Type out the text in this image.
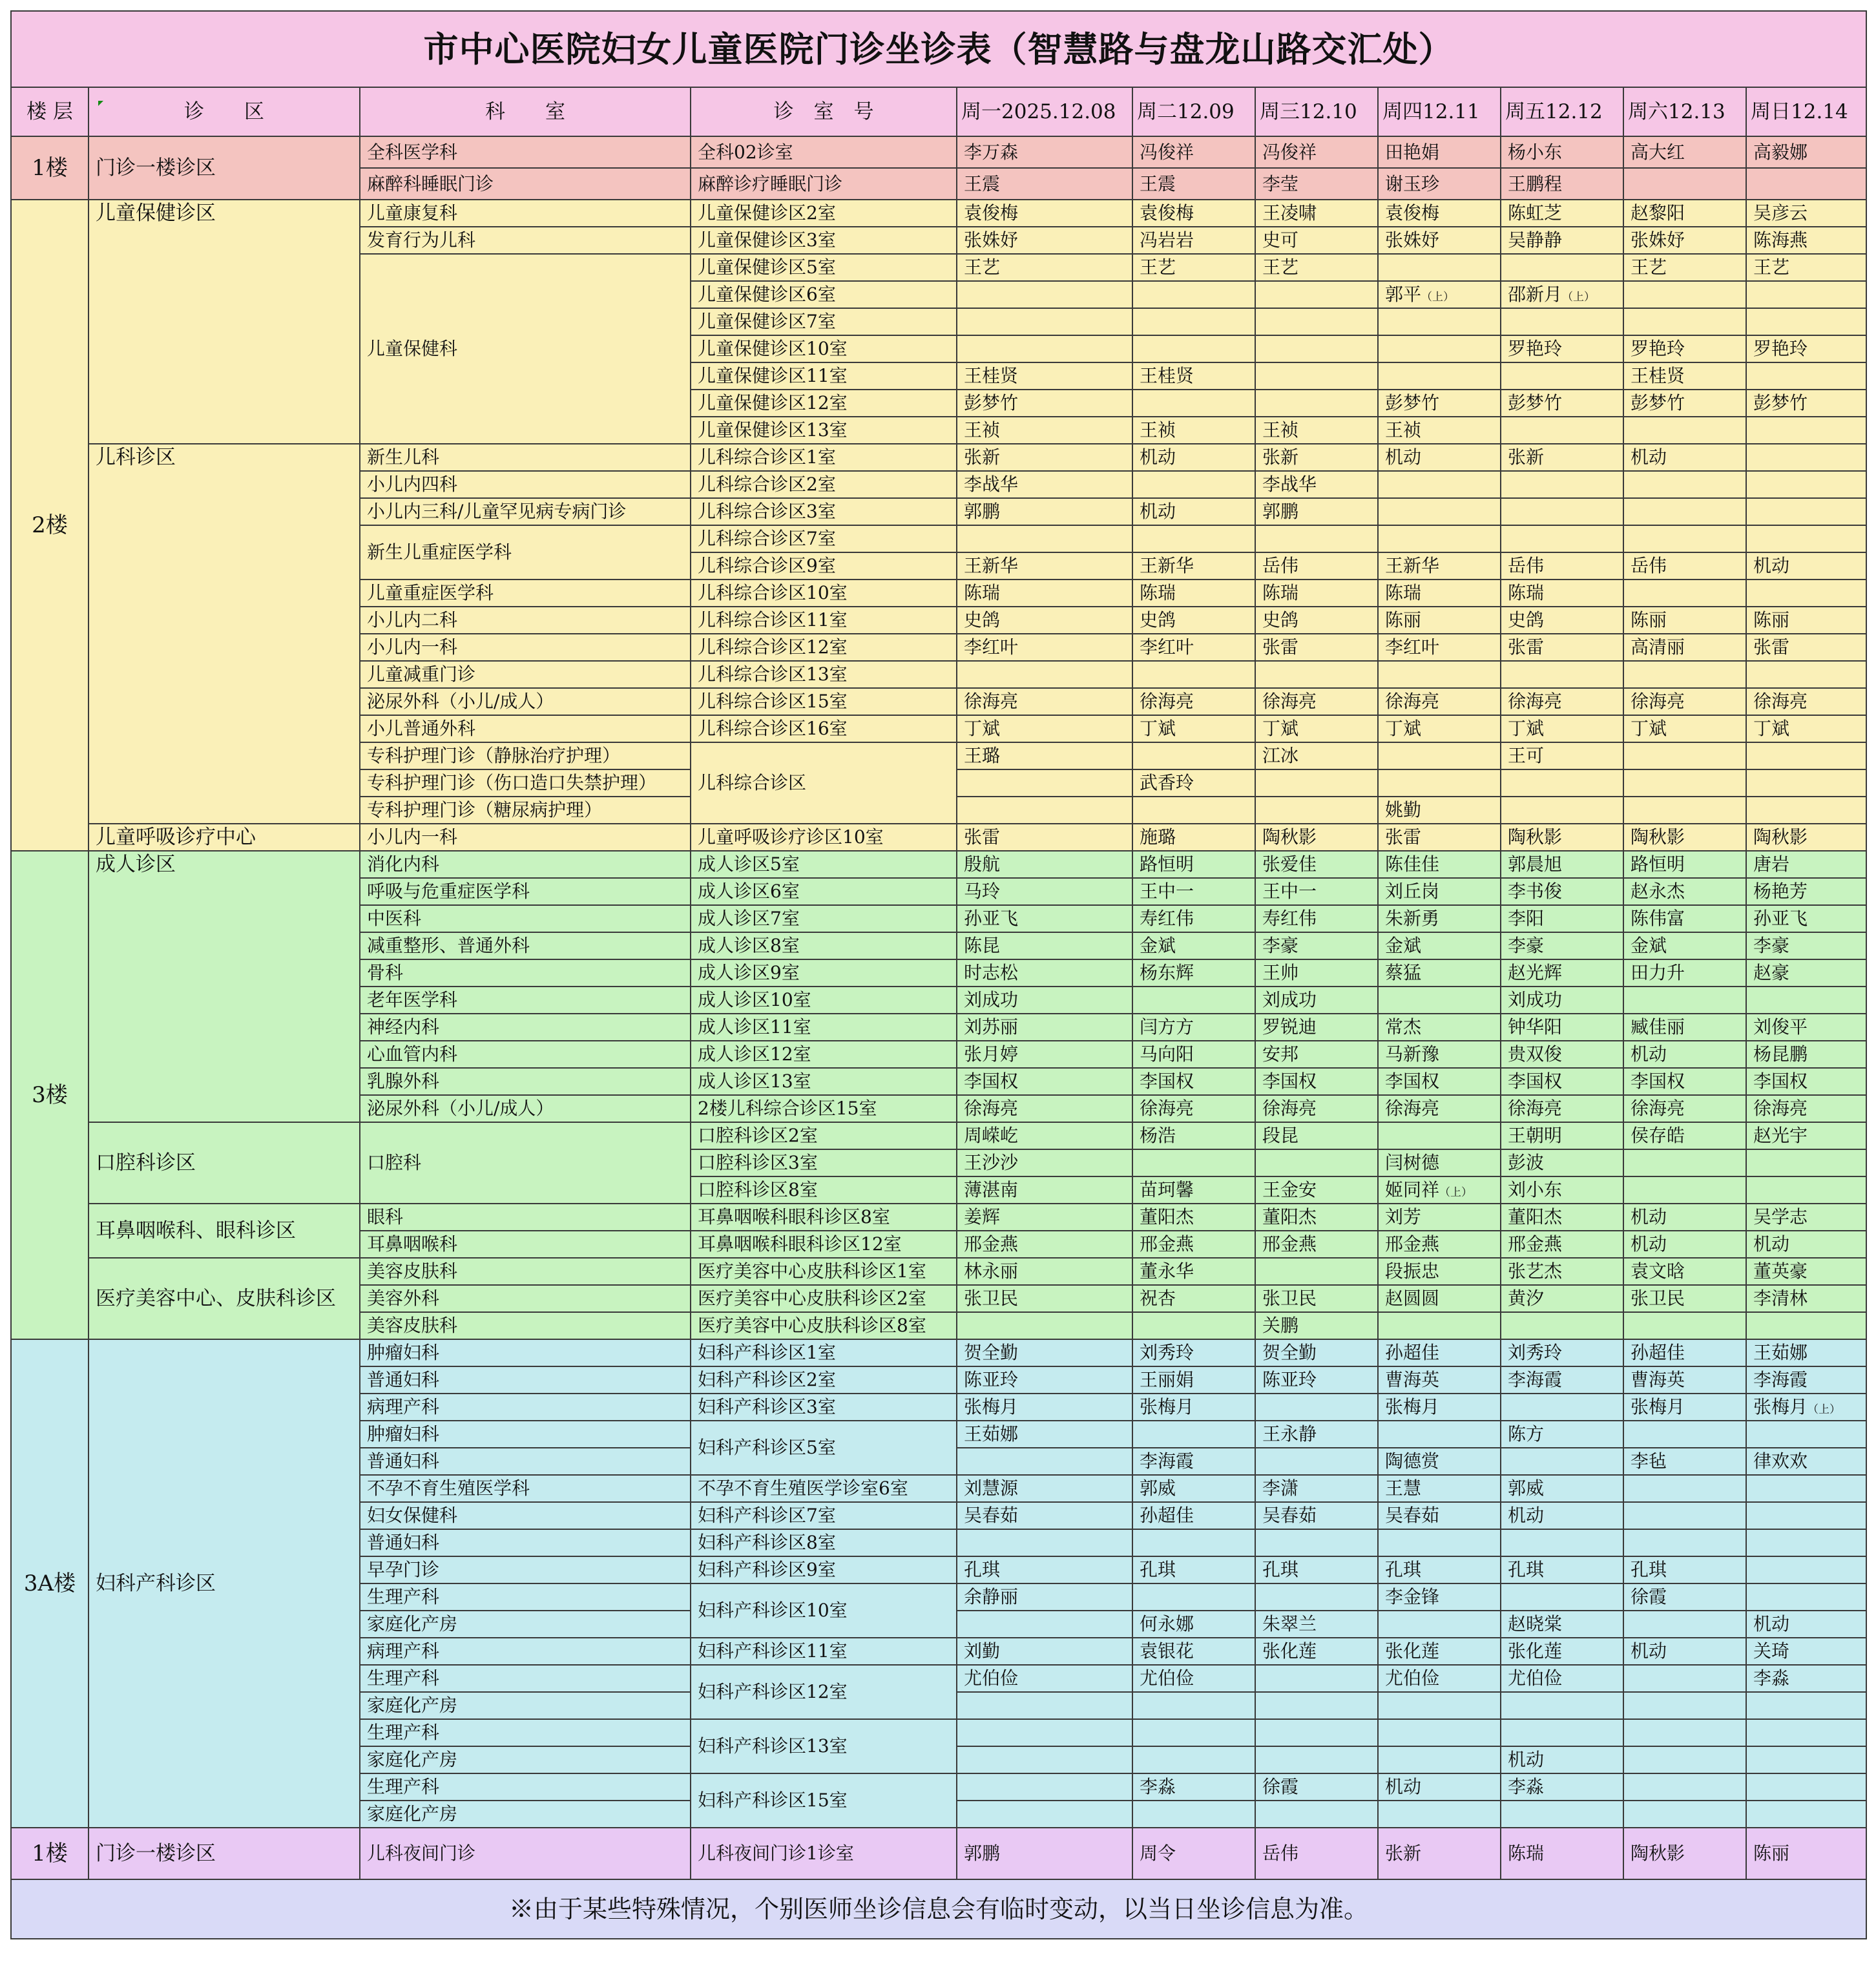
市中心医院妇女儿童医院门诊坐诊表（智慧路与盘龙山路交汇处）										
楼 层	诊　　区	科　　室	诊　室　号	周一2025.12.08	周二12.09	周三12.10	周四12.11	周五12.12	周六12.13	周日12.14
1楼	门诊一楼诊区	全科医学科	全科02诊室	李万森	冯俊祥	冯俊祥	田艳娟	杨小东	高大红	高毅娜
		麻醉科睡眠门诊	麻醉诊疗睡眠门诊	王震	王震	李莹	谢玉珍	王鹏程		
2楼	儿童保健诊区	儿童康复科	儿童保健诊区2室	袁俊梅	袁俊梅	王凌啸	袁俊梅	陈虹芝	赵黎阳	吴彦云
		发育行为儿科	儿童保健诊区3室	张姝妤	冯岩岩	史可	张姝妤	吴静静	张姝妤	陈海燕
		儿童保健科	儿童保健诊区5室	王艺	王艺	王艺			王艺	王艺
			儿童保健诊区6室				郭平（上）	邵新月（上）		
			儿童保健诊区7室							
			儿童保健诊区10室					罗艳玲	罗艳玲	罗艳玲
			儿童保健诊区11室	王桂贤	王桂贤				王桂贤	
			儿童保健诊区12室	彭梦竹			彭梦竹	彭梦竹	彭梦竹	彭梦竹
			儿童保健诊区13室	王祯	王祯	王祯	王祯			
	儿科诊区	新生儿科	儿科综合诊区1室	张新	机动	张新	机动	张新	机动	
		小儿内四科	儿科综合诊区2室	李战华		李战华				
		小儿内三科/儿童罕见病专病门诊	儿科综合诊区3室	郭鹏	机动	郭鹏				
		新生儿重症医学科	儿科综合诊区7室							
			儿科综合诊区9室	王新华	王新华	岳伟	王新华	岳伟	岳伟	机动
		儿童重症医学科	儿科综合诊区10室	陈瑞	陈瑞	陈瑞	陈瑞	陈瑞		
		小儿内二科	儿科综合诊区11室	史鸽	史鸽	史鸽	陈丽	史鸽	陈丽	陈丽
		小儿内一科	儿科综合诊区12室	李红叶	李红叶	张雷	李红叶	张雷	高清丽	张雷
		儿童减重门诊	儿科综合诊区13室							
		泌尿外科（小儿/成人）	儿科综合诊区15室	徐海亮	徐海亮	徐海亮	徐海亮	徐海亮	徐海亮	徐海亮
		小儿普通外科	儿科综合诊区16室	丁斌	丁斌	丁斌	丁斌	丁斌	丁斌	丁斌
		专科护理门诊（静脉治疗护理）	儿科综合诊区	王璐		江冰		王可		
		专科护理门诊（伤口造口失禁护理）			武香玲					
		专科护理门诊（糖尿病护理）					姚勤			
	儿童呼吸诊疗中心	小儿内一科	儿童呼吸诊疗诊区10室	张雷	施璐	陶秋影	张雷	陶秋影	陶秋影	陶秋影
3楼	成人诊区	消化内科	成人诊区5室	殷航	路恒明	张爱佳	陈佳佳	郭晨旭	路恒明	唐岩
		呼吸与危重症医学科	成人诊区6室	马玲	王中一	王中一	刘丘岗	李书俊	赵永杰	杨艳芳
		中医科	成人诊区7室	孙亚飞	寿红伟	寿红伟	朱新勇	李阳	陈伟富	孙亚飞
		减重整形、普通外科	成人诊区8室	陈昆	金斌	李豪	金斌	李豪	金斌	李豪
		骨科	成人诊区9室	时志松	杨东辉	王帅	蔡猛	赵光辉	田力升	赵豪
		老年医学科	成人诊区10室	刘成功		刘成功		刘成功		
		神经内科	成人诊区11室	刘苏丽	闫方方	罗锐迪	常杰	钟华阳	臧佳丽	刘俊平
		心血管内科	成人诊区12室	张月婷	马向阳	安邦	马新豫	贵双俊	机动	杨昆鹏
		乳腺外科	成人诊区13室	李国权	李国权	李国权	李国权	李国权	李国权	李国权
		泌尿外科（小儿/成人）	2楼儿科综合诊区15室	徐海亮	徐海亮	徐海亮	徐海亮	徐海亮	徐海亮	徐海亮
	口腔科诊区	口腔科	口腔科诊区2室	周嵘屹	杨浩	段昆		王朝明	侯存皓	赵光宇
			口腔科诊区3室	王沙沙			闫树德	彭波		
			口腔科诊区8室	薄湛南	苗珂馨	王金安	姬同祥（上）	刘小东		
	耳鼻咽喉科、眼科诊区	眼科	耳鼻咽喉科眼科诊区8室	姜辉	董阳杰	董阳杰	刘芳	董阳杰	机动	吴学志
		耳鼻咽喉科	耳鼻咽喉科眼科诊区12室	邢金燕	邢金燕	邢金燕	邢金燕	邢金燕	机动	机动
	医疗美容中心、皮肤科诊区	美容皮肤科	医疗美容中心皮肤科诊区1室	林永丽	董永华		段振忠	张艺杰	袁文晗	董英豪
		美容外科	医疗美容中心皮肤科诊区2室	张卫民	祝杏	张卫民	赵圆圆	黄汐	张卫民	李清林
		美容皮肤科	医疗美容中心皮肤科诊区8室			关鹏				
3A楼	妇科产科诊区	肿瘤妇科	妇科产科诊区1室	贺全勤	刘秀玲	贺全勤	孙超佳	刘秀玲	孙超佳	王茹娜
		普通妇科	妇科产科诊区2室	陈亚玲	王丽娟	陈亚玲	曹海英	李海霞	曹海英	李海霞
		病理产科	妇科产科诊区3室	张梅月	张梅月		张梅月		张梅月	张梅月（上）
		肿瘤妇科	妇科产科诊区5室	王茹娜		王永静		陈方		
		普通妇科			李海霞		陶德赏		李毡	律欢欢
		不孕不育生殖医学科	不孕不育生殖医学诊室6室	刘慧源	郭威	李潇	王慧	郭威		
		妇女保健科	妇科产科诊区7室	吴春茹	孙超佳	吴春茹	吴春茹	机动		
		普通妇科	妇科产科诊区8室							
		早孕门诊	妇科产科诊区9室	孔琪	孔琪	孔琪	孔琪	孔琪	孔琪	
		生理产科	妇科产科诊区10室	余静丽			李金锋		徐霞	
		家庭化产房			何永娜	朱翠兰		赵晓棠		机动
		病理产科	妇科产科诊区11室	刘勤	袁银花	张化莲	张化莲	张化莲	机动	关琦
		生理产科	妇科产科诊区12室	尤伯俭	尤伯俭		尤伯俭	尤伯俭		李淼
		家庭化产房								
		生理产科	妇科产科诊区13室							
		家庭化产房						机动		
		生理产科	妇科产科诊区15室		李淼	徐霞	机动	李淼		
		家庭化产房								
1楼	门诊一楼诊区	儿科夜间门诊	儿科夜间门诊1诊室	郭鹏	周令	岳伟	张新	陈瑞	陶秋影	陈丽
※由于某些特殊情况，个别医师坐诊信息会有临时变动，以当日坐诊信息为准。										
